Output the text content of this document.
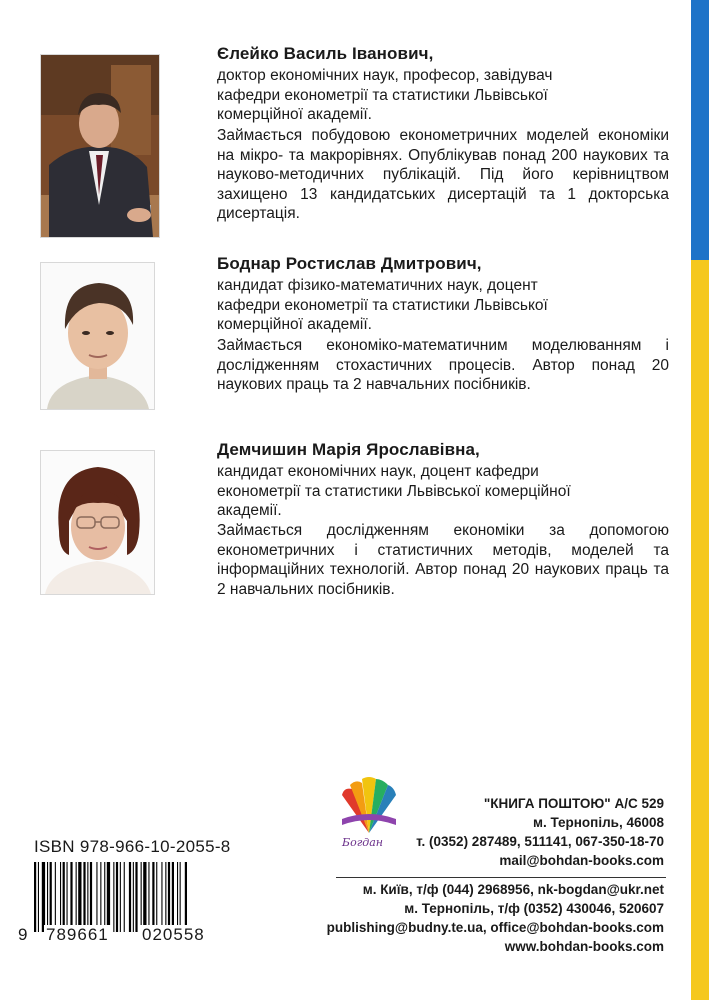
Єлейко Василь Іванович,
доктор економічних наук, професор, завідувач
кафедри економетрії та статистики Львівської
комерційної академії.

Займається побудовою економетричних моделей економіки на мікро- та макрорівнях. Опублікував понад 200 наукових та науково-методичних публікацій. Під його керівництвом захищено 13 кандидатських дисертацій та 1 докторська дисертація.

Боднар Ростислав Дмитрович,
кандидат фізико-математичних наук, доцент
кафедри економетрії та статистики Львівської
комерційної академії.

Займається економіко-математичним моделюванням і дослідженням стохастичних процесів. Автор понад 20 наукових праць та 2 навчальних посібників.

Демчишин Марія Ярославівна,
кандидат економічних наук, доцент кафедри
економетрії та статистики Львівської комерційної
академії.

Займається дослідженням економіки за допомогою економетричних і статистичних методів, моделей та інформаційних технологій. Автор понад 20 наукових праць та 2 навчальних посібників.

Богдан
"КНИГА ПОШТОЮ" А/С 529
м. Тернопіль, 46008
т. (0352) 287489, 511141, 067-350-18-70
mail@bohdan-books.com
м. Київ, т/ф (044) 2968956, nk-bogdan@ukr.net
м. Тернопіль, т/ф (0352) 430046, 520607
publishing@budny.te.ua, office@bohdan-books.com
www.bohdan-books.com
ISBN 978-966-10-2055-8
9 789661 020558
